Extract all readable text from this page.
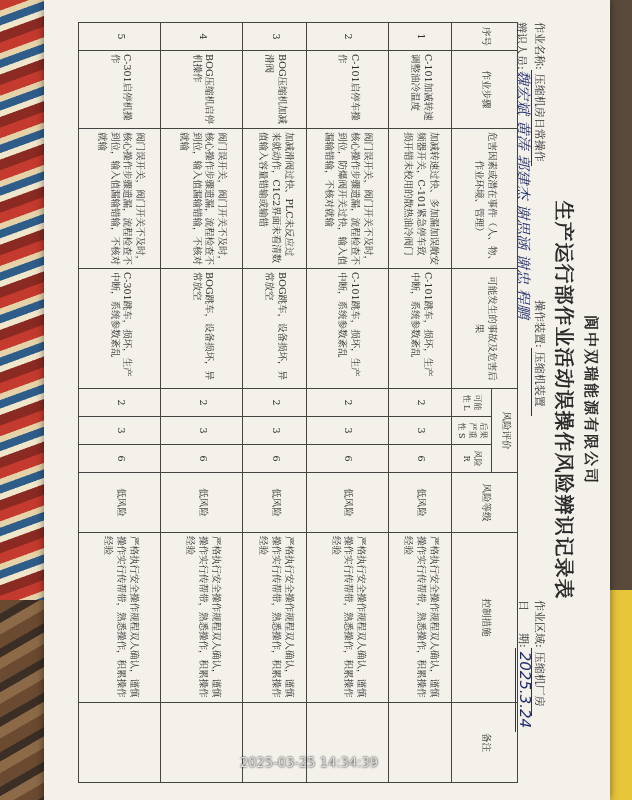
阆中双瑞能源有限公司
生产运行部作业活动误操作风险辨识记录表
作业名称:压缩机房日常操作
操作装置:压缩机装置
作业区域:压缩机厂房
辨识人员:魏宏斌 黄涛 郭建杰 谢思涵 谢忠 程鹏
日　　期:2025.3.24
序号	作业步骤	危害因素或潜在事件（人、物、作业环境、管理）	可能发生的事故及危害后果	风险评价			风险等级	控制措施	备注
				可能性 L	后果严重性 S	风险 R			
1	C-101加减转速调整油冷温度	加减转速过快、多加漏加误敞安频器开关，C-101紧急停车致损开错未校用的散热油冷阀门	C-101跳车，损坏，生产中断，系统参数紊乱	2	3	6	低风险	严格执行安全操作规程双人确认，谨慎操作实行传帮带，熟悉操作，积累操作经验	
2	C-101启停车操作	阀门误开关，阀门开关不及时，核心操作步骤遗漏，流程检查不到位，防爆阀开关过快，输入值漏输错输，不核对就输	C-101跳车，损坏，生产中断，系统参数紊乱	2	3	6	低风险	严格执行安全操作规程双人确认，谨慎操作实行传帮带，熟悉操作，积累操作经验	
3	BOG压缩机加减滑阀	加减滑阀过快、PLC未反应过来就动作，C1C2界面未看清数值输入容量错输或输错	BOG跳车，设备损坏，异常放空	2	3	6	低风险	严格执行安全操作规程双人确认，谨慎操作实行传帮带，熟悉操作，积累操作经验	
4	BOG压缩机启停机操作	阀门误开关，阀门开关不及时，核心操作步骤遗漏，流程检查不到位，输入值漏输错输，不核对就输	BOG跳车，设备损坏，异常放空	2	3	6	低风险	严格执行安全操作规程双人确认，谨慎操作实行传帮带，熟悉操作，积累操作经验	
5	C-301启停机操作	阀门误开关，阀门开关不及时，核心操作步骤遗漏，流程检查不到位，输入值漏输错输，不核对就输	C-301跳车，损坏，生产中断，系统参数紊乱	2	3	6	低风险	严格执行安全操作规程双人确认，谨慎操作实行传帮带，熟悉操作，积累操作经验	
2025-03-25 14:34:39
